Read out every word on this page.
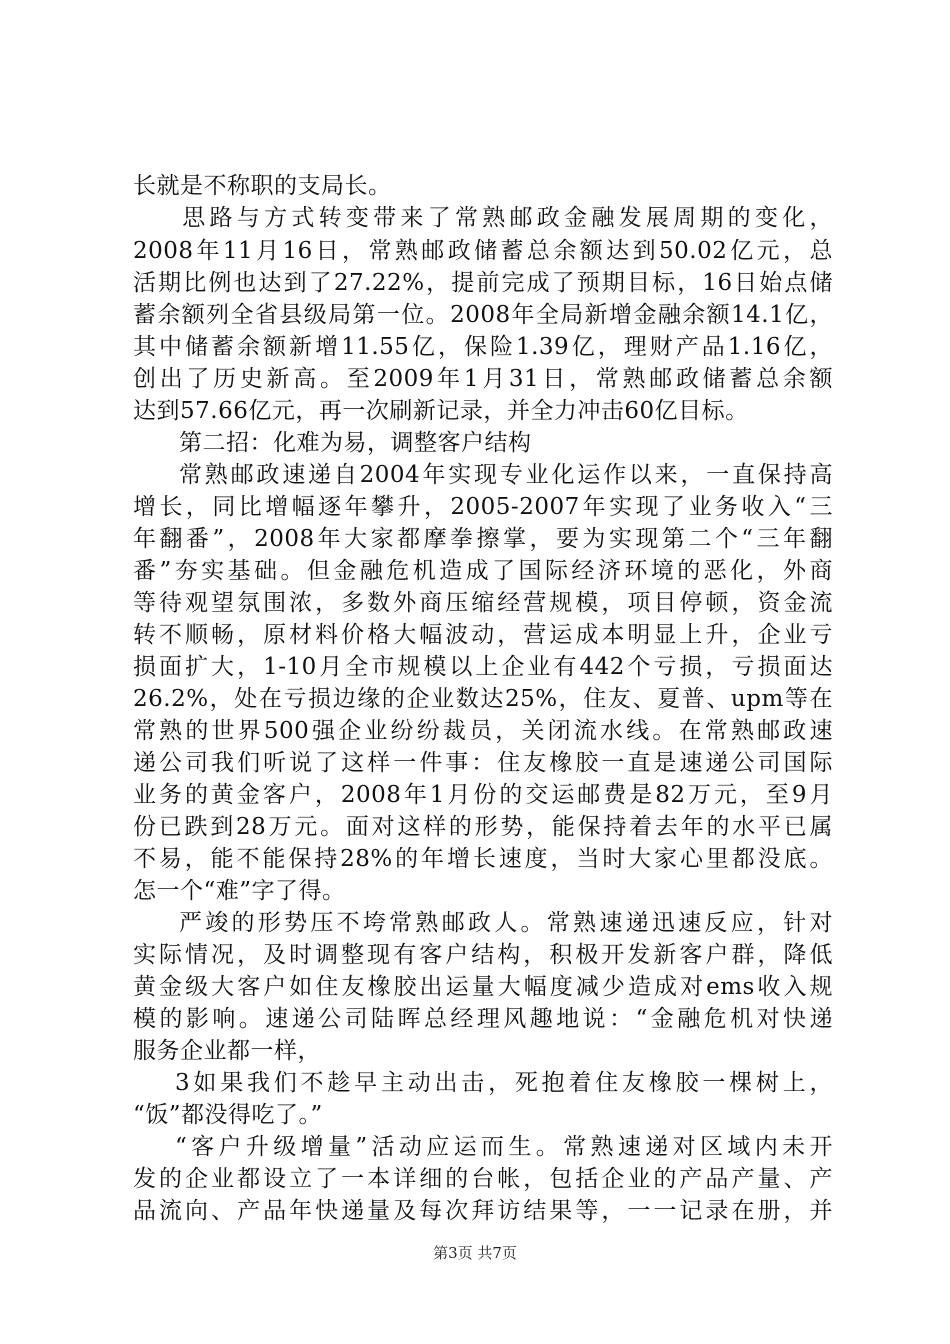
长就是不称职的支局长。
　思路与方式转变带来了常熟邮政金融发展周期的变化，
2008年11月16日，常熟邮政储蓄总余额达到50.02亿元，总
活期比例也达到了27.22%，提前完成了预期目标，16日始点储
蓄余额列全省县级局第一位。2008年全局新增金融余额14.1亿，
其中储蓄余额新增11.55亿，保险1.39亿，理财产品1.16亿，
创出了历史新高。至2009年1月31日，常熟邮政储蓄总余额
达到57.66亿元，再一次刷新记录，并全力冲击60亿目标。
第二招：化难为易，调整客户结构
常熟邮政速递自2004年实现专业化运作以来，一直保持高
增长，同比增幅逐年攀升，2005-2007年实现了业务收入“三
年翻番”，2008年大家都摩拳擦掌，要为实现第二个“三年翻
番”夯实基础。但金融危机造成了国际经济环境的恶化，外商
等待观望氛围浓，多数外商压缩经营规模，项目停顿，资金流
转不顺畅，原材料价格大幅波动，营运成本明显上升，企业亏
损面扩大，1-10月全市规模以上企业有442个亏损，亏损面达
26.2%，处在亏损边缘的企业数达25%，住友、夏普、upm等在
常熟的世界500强企业纷纷裁员，关闭流水线。在常熟邮政速
递公司我们听说了这样一件事：住友橡胶一直是速递公司国际
业务的黄金客户，2008年1月份的交运邮费是82万元，至9月
份已跌到28万元。面对这样的形势，能保持着去年的水平已属
不易，能不能保持28%的年增长速度，当时大家心里都没底。
怎一个“难”字了得。
严竣的形势压不垮常熟邮政人。常熟速递迅速反应，针对
实际情况，及时调整现有客户结构，积极开发新客户群，降低
黄金级大客户如住友橡胶出运量大幅度减少造成对ems收入规
模的影响。速递公司陆晖总经理风趣地说：“金融危机对快递
服务企业都一样，
3如果我们不趁早主动出击，死抱着住友橡胶一棵树上，
“饭”都没得吃了。”
“客户升级增量”活动应运而生。常熟速递对区域内未开
发的企业都设立了一本详细的台帐，包括企业的产品产量、产
品流向、产品年快递量及每次拜访结果等，一一记录在册，并
第3页 共7页
